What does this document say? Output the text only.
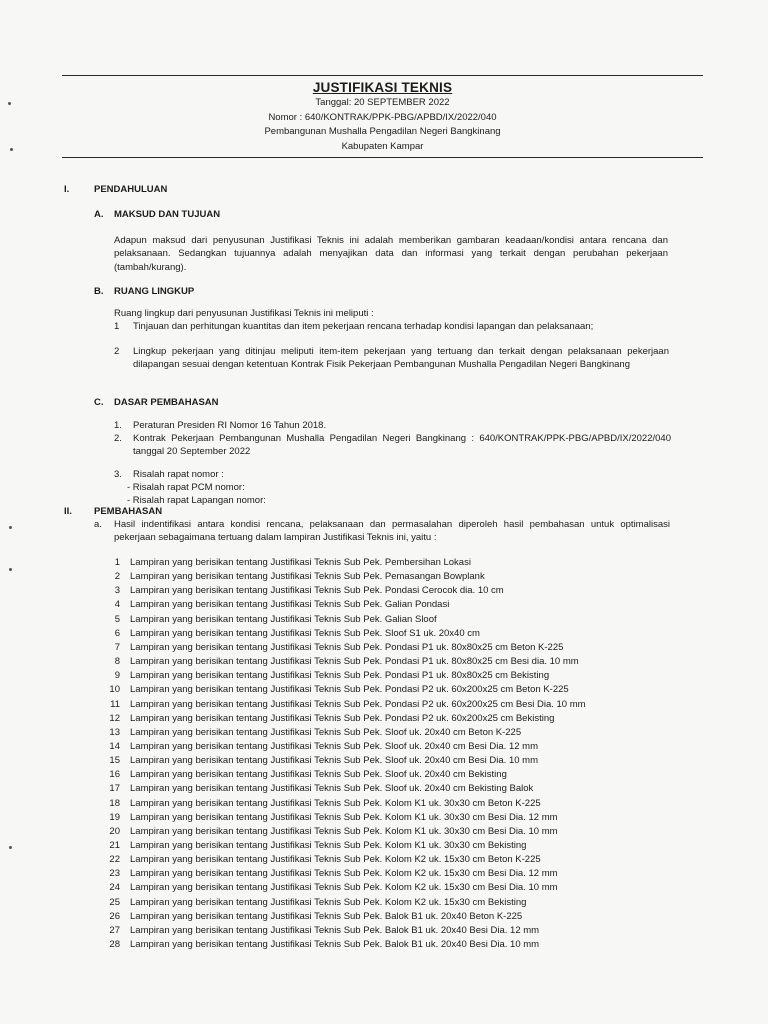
JUSTIFIKASI TEKNIS
Tanggal: 20 SEPTEMBER 2022
Nomor : 640/KONTRAK/PPK-PBG/APBD/IX/2022/040
Pembangunan Mushalla Pengadilan Negeri Bangkinang
Kabupaten Kampar
I.	PENDAHULUAN
A. MAKSUD DAN TUJUAN
Adapun maksud dari penyusunan Justifikasi Teknis ini adalah memberikan gambaran keadaan/kondisi antara rencana dan pelaksanaan. Sedangkan tujuannya adalah menyajikan data dan informasi yang terkait dengan perubahan pekerjaan (tambah/kurang).
B. RUANG LINGKUP
Ruang lingkup dari penyusunan Justifikasi Teknis ini meliputi :
1 Tinjauan dan perhitungan kuantitas dan item pekerjaan rencana terhadap kondisi lapangan dan pelaksanaan;
2 Lingkup pekerjaan yang ditinjau meliputi item-item pekerjaan yang tertuang dan terkait dengan pelaksanaan pekerjaan dilapangan sesuai dengan ketentuan Kontrak Fisik Pekerjaan Pembangunan Mushalla Pengadilan Negeri Bangkinang
C. DASAR PEMBAHASAN
1. Peraturan Presiden RI Nomor 16 Tahun 2018.
2. Kontrak Pekerjaan Pembangunan Mushalla Pengadilan Negeri Bangkinang : 640/KONTRAK/PPK-PBG/APBD/IX/2022/040 tanggal 20 September 2022
3. Risalah rapat nomor :
- Risalah rapat PCM nomor:
- Risalah rapat Lapangan nomor:
II. PEMBAHASAN
a. Hasil indentifikasi antara kondisi rencana, pelaksanaan dan permasalahan diperoleh hasil pembahasan untuk optimalisasi pekerjaan sebagaimana tertuang dalam lampiran Justifikasi Teknis ini, yaitu :
1 Lampiran yang berisikan tentang Justifikasi Teknis Sub Pek. Pembersihan Lokasi
2 Lampiran yang berisikan tentang Justifikasi Teknis Sub Pek. Pemasangan Bowplank
3 Lampiran yang berisikan tentang Justifikasi Teknis Sub Pek. Pondasi Cerocok dia. 10 cm
4 Lampiran yang berisikan tentang Justifikasi Teknis Sub Pek. Galian Pondasi
5 Lampiran yang berisikan tentang Justifikasi Teknis Sub Pek. Galian Sloof
6 Lampiran yang berisikan tentang Justifikasi Teknis Sub Pek. Sloof S1 uk. 20x40 cm
7 Lampiran yang berisikan tentang Justifikasi Teknis Sub Pek. Pondasi P1 uk. 80x80x25 cm Beton K-225
8 Lampiran yang berisikan tentang Justifikasi Teknis Sub Pek. Pondasi P1 uk. 80x80x25 cm Besi dia. 10 mm
9 Lampiran yang berisikan tentang Justifikasi Teknis Sub Pek. Pondasi P1 uk. 80x80x25 cm Bekisting
10 Lampiran yang berisikan tentang Justifikasi Teknis Sub Pek. Pondasi P2 uk. 60x200x25 cm Beton K-225
11 Lampiran yang berisikan tentang Justifikasi Teknis Sub Pek. Pondasi P2 uk. 60x200x25 cm Besi Dia. 10 mm
12 Lampiran yang berisikan tentang Justifikasi Teknis Sub Pek. Pondasi P2 uk. 60x200x25 cm Bekisting
13 Lampiran yang berisikan tentang Justifikasi Teknis Sub Pek. Sloof uk. 20x40 cm Beton K-225
14 Lampiran yang berisikan tentang Justifikasi Teknis Sub Pek. Sloof uk. 20x40 cm Besi Dia. 12 mm
15 Lampiran yang berisikan tentang Justifikasi Teknis Sub Pek. Sloof uk. 20x40 cm Besi Dia. 10 mm
16 Lampiran yang berisikan tentang Justifikasi Teknis Sub Pek. Sloof uk. 20x40 cm Bekisting
17 Lampiran yang berisikan tentang Justifikasi Teknis Sub Pek. Sloof uk. 20x40 cm Bekisting Balok
18 Lampiran yang berisikan tentang Justifikasi Teknis Sub Pek. Kolom K1 uk. 30x30 cm Beton K-225
19 Lampiran yang berisikan tentang Justifikasi Teknis Sub Pek. Kolom K1 uk. 30x30 cm Besi Dia. 12 mm
20 Lampiran yang berisikan tentang Justifikasi Teknis Sub Pek. Kolom K1 uk. 30x30 cm Besi Dia. 10 mm
21 Lampiran yang berisikan tentang Justifikasi Teknis Sub Pek. Kolom K1 uk. 30x30 cm Bekisting
22 Lampiran yang berisikan tentang Justifikasi Teknis Sub Pek. Kolom K2 uk. 15x30 cm Beton K-225
23 Lampiran yang berisikan tentang Justifikasi Teknis Sub Pek. Kolom K2 uk. 15x30 cm Besi Dia. 12 mm
24 Lampiran yang berisikan tentang Justifikasi Teknis Sub Pek. Kolom K2 uk. 15x30 cm Besi Dia. 10 mm
25 Lampiran yang berisikan tentang Justifikasi Teknis Sub Pek. Kolom K2 uk. 15x30 cm Bekisting
26 Lampiran yang berisikan tentang Justifikasi Teknis Sub Pek. Balok B1 uk. 20x40 Beton K-225
27 Lampiran yang berisikan tentang Justifikasi Teknis Sub Pek. Balok B1 uk. 20x40 Besi Dia. 12 mm
28 Lampiran yang berisikan tentang Justifikasi Teknis Sub Pek. Balok B1 uk. 20x40 Besi Dia. 10 mm
